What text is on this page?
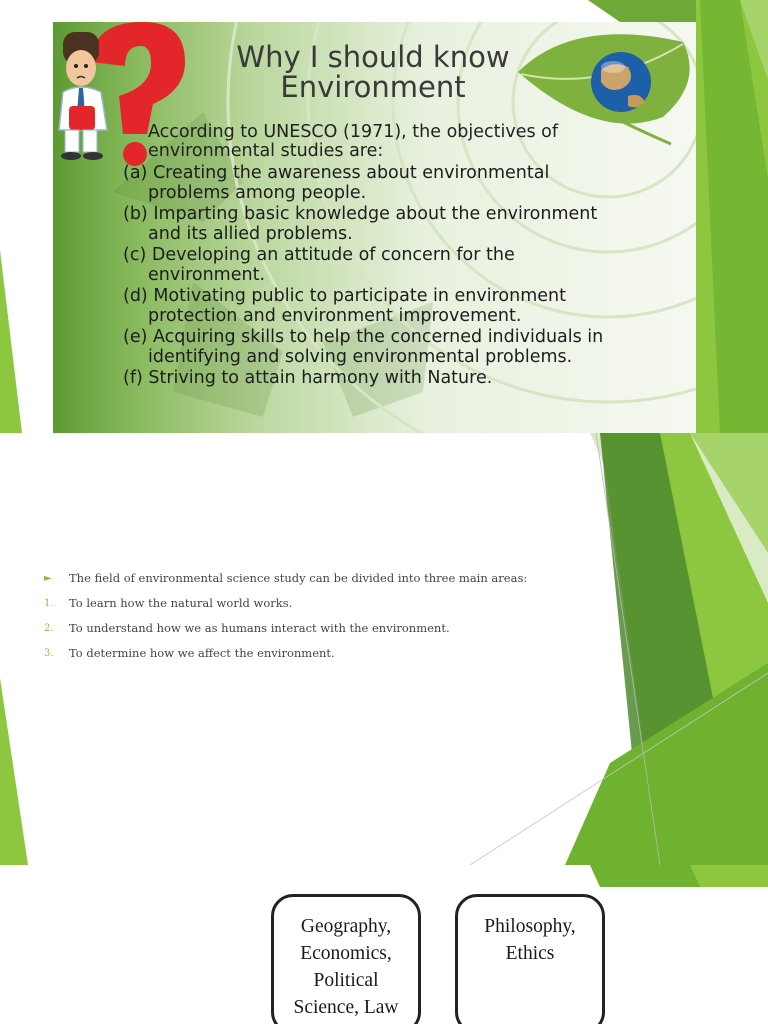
Why I should know
Environment
According to UNESCO (1971), the objectives of
environmental studies are:
(a) Creating the awareness about environmental
problems among people.
(b) Imparting basic knowledge about the environment
and its allied problems.
(c) Developing an attitude of concern for the
environment.
(d) Motivating public to participate in environment
protection and environment improvement.
(e) Acquiring skills to help the concerned individuals in
identifying and solving environmental problems.
(f) Striving to attain harmony with Nature.
► The field of environmental science study can be divided into three main areas:
1. To learn how the natural world works.
2. To understand how we as humans interact with the environment.
3. To determine how we affect the environment.
Geography,
Economics,
Political
Science, Law
Philosophy,
Ethics
